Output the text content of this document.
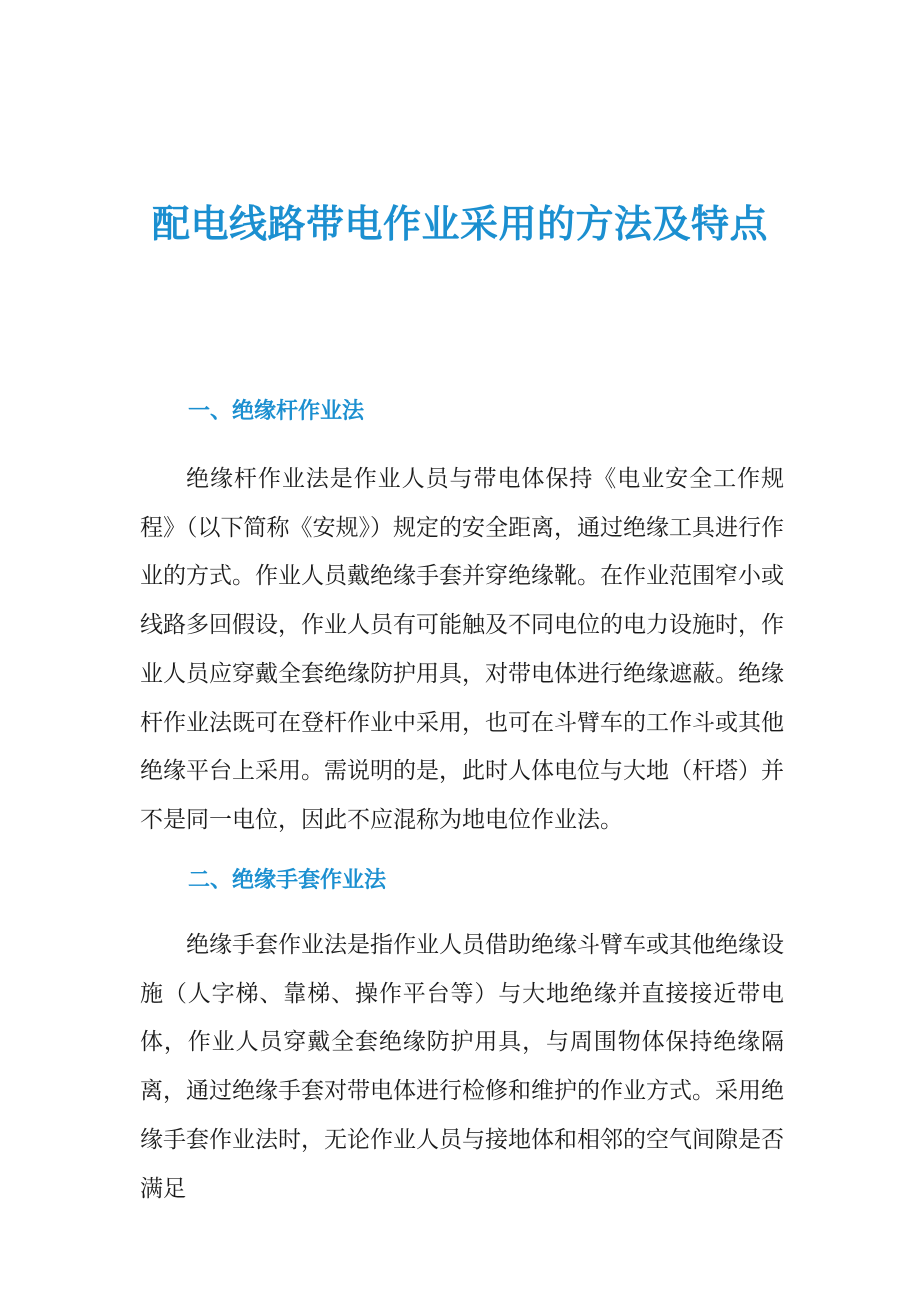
配电线路带电作业采用的方法及特点
一、绝缘杆作业法
绝缘杆作业法是作业人员与带电体保持《电业安全工作规程》（以下简称《安规》）规定的安全距离，通过绝缘工具进行作业的方式。作业人员戴绝缘手套并穿绝缘靴。在作业范围窄小或线路多回假设，作业人员有可能触及不同电位的电力设施时，作业人员应穿戴全套绝缘防护用具，对带电体进行绝缘遮蔽。绝缘杆作业法既可在登杆作业中采用，也可在斗臂车的工作斗或其他绝缘平台上采用。需说明的是，此时人体电位与大地（杆塔）并不是同一电位，因此不应混称为地电位作业法。
二、绝缘手套作业法
绝缘手套作业法是指作业人员借助绝缘斗臂车或其他绝缘设施（人字梯、靠梯、操作平台等）与大地绝缘并直接接近带电体，作业人员穿戴全套绝缘防护用具，与周围物体保持绝缘隔离，通过绝缘手套对带电体进行检修和维护的作业方式。采用绝缘手套作业法时，无论作业人员与接地体和相邻的空气间隙是否满足
